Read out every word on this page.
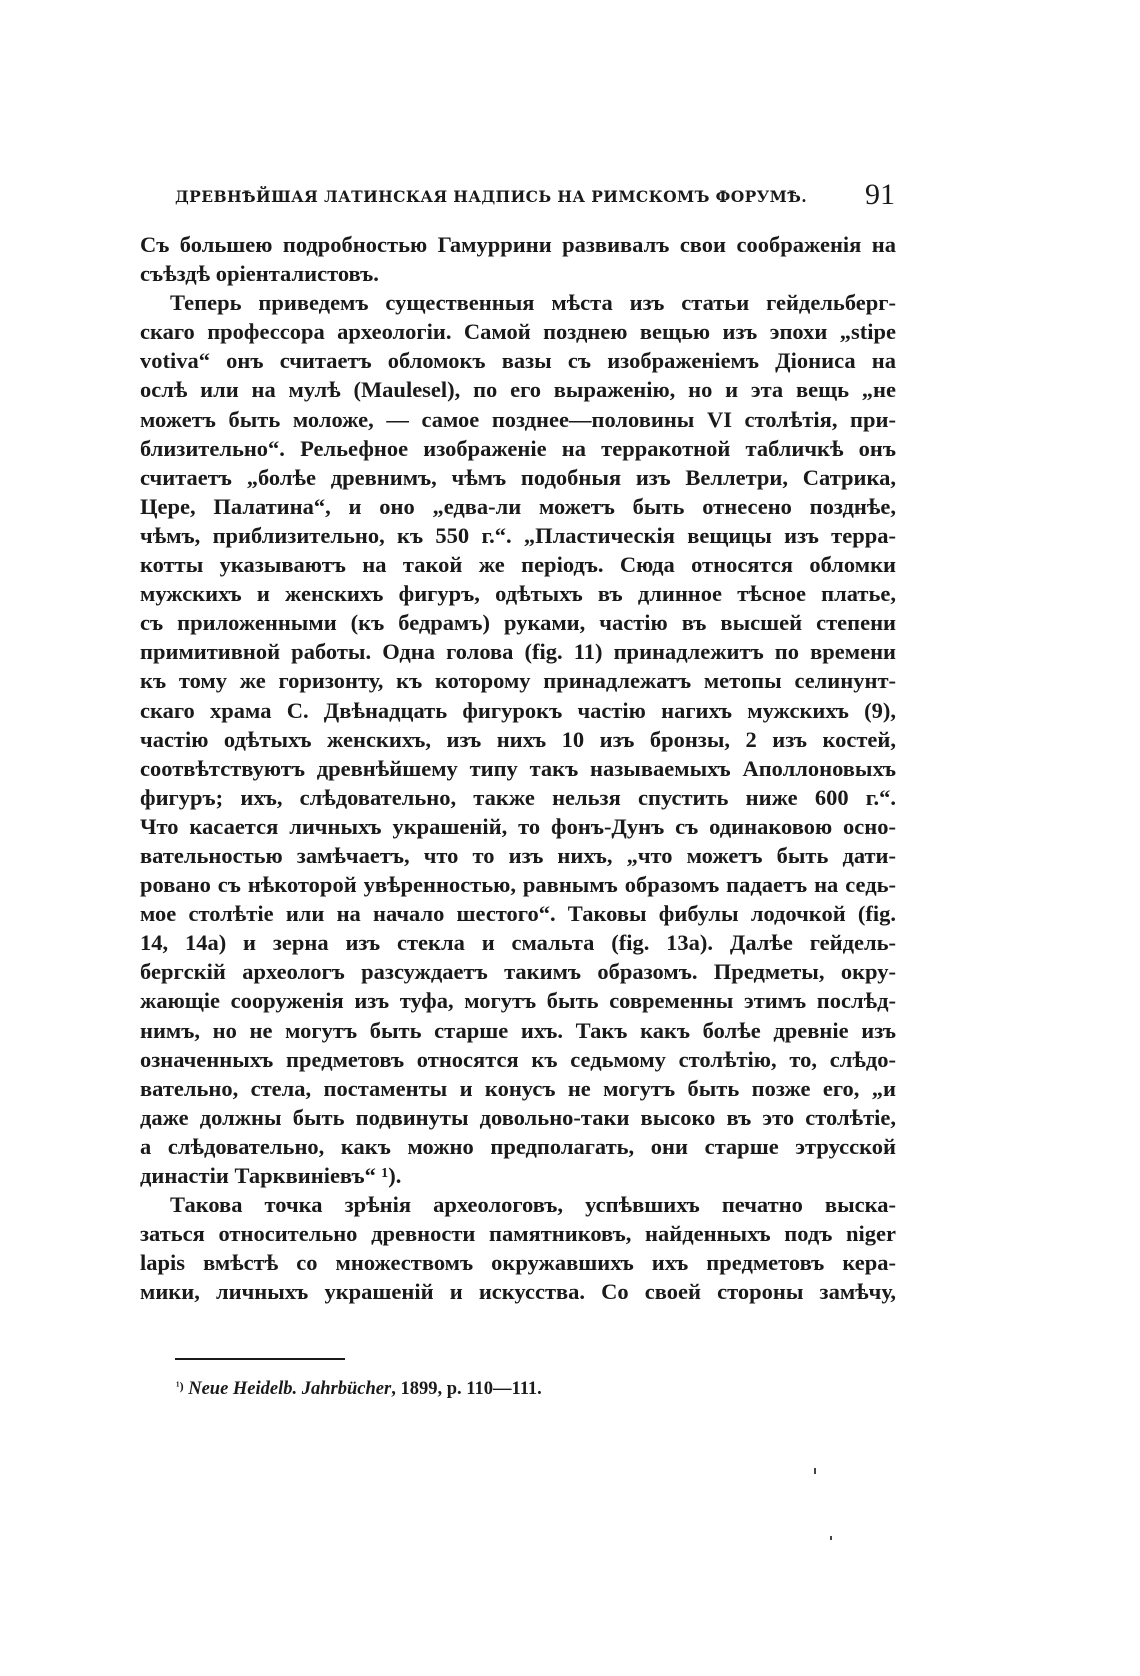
ДРЕВНѢЙШАЯ ЛАТИНСКАЯ НАДПИСЬ НА РИМСКОМЪ ФОРУМѢ. 91
Съ большею подробностью Гамуррини развивалъ свои соображенія на
съѣздѣ оріенталистовъ.
Теперь приведемъ существенныя мѣста изъ статьи гейдельберг-
скаго профессора археологіи. Самой позднею вещью изъ эпохи „stipe
votiva“ онъ считаетъ обломокъ вазы съ изображеніемъ Діониса на
ослѣ или на мулѣ (Maulesel), по его выраженію, но и эта вещь „не
можетъ быть моложе, — самое позднее—половины VI столѣтія, при-
близительно“. Рельефное изображеніе на терракотной табличкѣ онъ
считаетъ „болѣе древнимъ, чѣмъ подобныя изъ Веллетри, Сатрика,
Цере, Палатина“, и оно „едва-ли можетъ быть отнесено позднѣе,
чѣмъ, приблизительно, къ 550 г.“. „Пластическія вещицы изъ терра-
котты указываютъ на такой же періодъ. Сюда относятся обломки
мужскихъ и женскихъ фигуръ, одѣтыхъ въ длинное тѣсное платье,
съ приложенными (къ бедрамъ) руками, частію въ высшей степени
примитивной работы. Одна голова (fig. 11) принадлежитъ по времени
къ тому же горизонту, къ которому принадлежатъ метопы селинунт-
скаго храма С. Двѣнадцать фигурокъ частію нагихъ мужскихъ (9),
частію одѣтыхъ женскихъ, изъ нихъ 10 изъ бронзы, 2 изъ костей,
соотвѣтствуютъ древнѣйшему типу такъ называемыхъ Аполлоновыхъ
фигуръ; ихъ, слѣдовательно, также нельзя спустить ниже 600 г.“.
Что касается личныхъ украшеній, то фонъ-Дунъ съ одинаковою осно-
вательностью замѣчаетъ, что то изъ нихъ, „что можетъ быть дати-
ровано съ нѣкоторой увѣренностью, равнымъ образомъ падаетъ на седь-
мое столѣтіе или на начало шестого“. Таковы фибулы лодочкой (fig.
14, 14a) и зерна изъ стекла и смальта (fig. 13a). Далѣе гейдель-
бергскій археологъ разсуждаетъ такимъ образомъ. Предметы, окру-
жающіе сооруженія изъ туфа, могутъ быть современны этимъ послѣд-
нимъ, но не могутъ быть старше ихъ. Такъ какъ болѣе древніе изъ
означенныхъ предметовъ относятся къ седьмому столѣтію, то, слѣдо-
вательно, стела, постаменты и конусъ не могутъ быть позже его, „и
даже должны быть подвинуты довольно-таки высоко въ это столѣтіе,
а слѣдовательно, какъ можно предполагать, они старше этрусской
династіи Тарквиніевъ“ ¹).
Такова точка зрѣнія археологовъ, успѣвшихъ печатно выска-
заться относительно древности памятниковъ, найденныхъ подъ niger
lapis вмѣстѣ со множествомъ окружавшихъ ихъ предметовъ кера-
мики, личныхъ украшеній и искусства. Со своей стороны замѣчу,
$^{^1)}$ Neue Heidelb. Jahrbücher, 1899, p. 110—111.
